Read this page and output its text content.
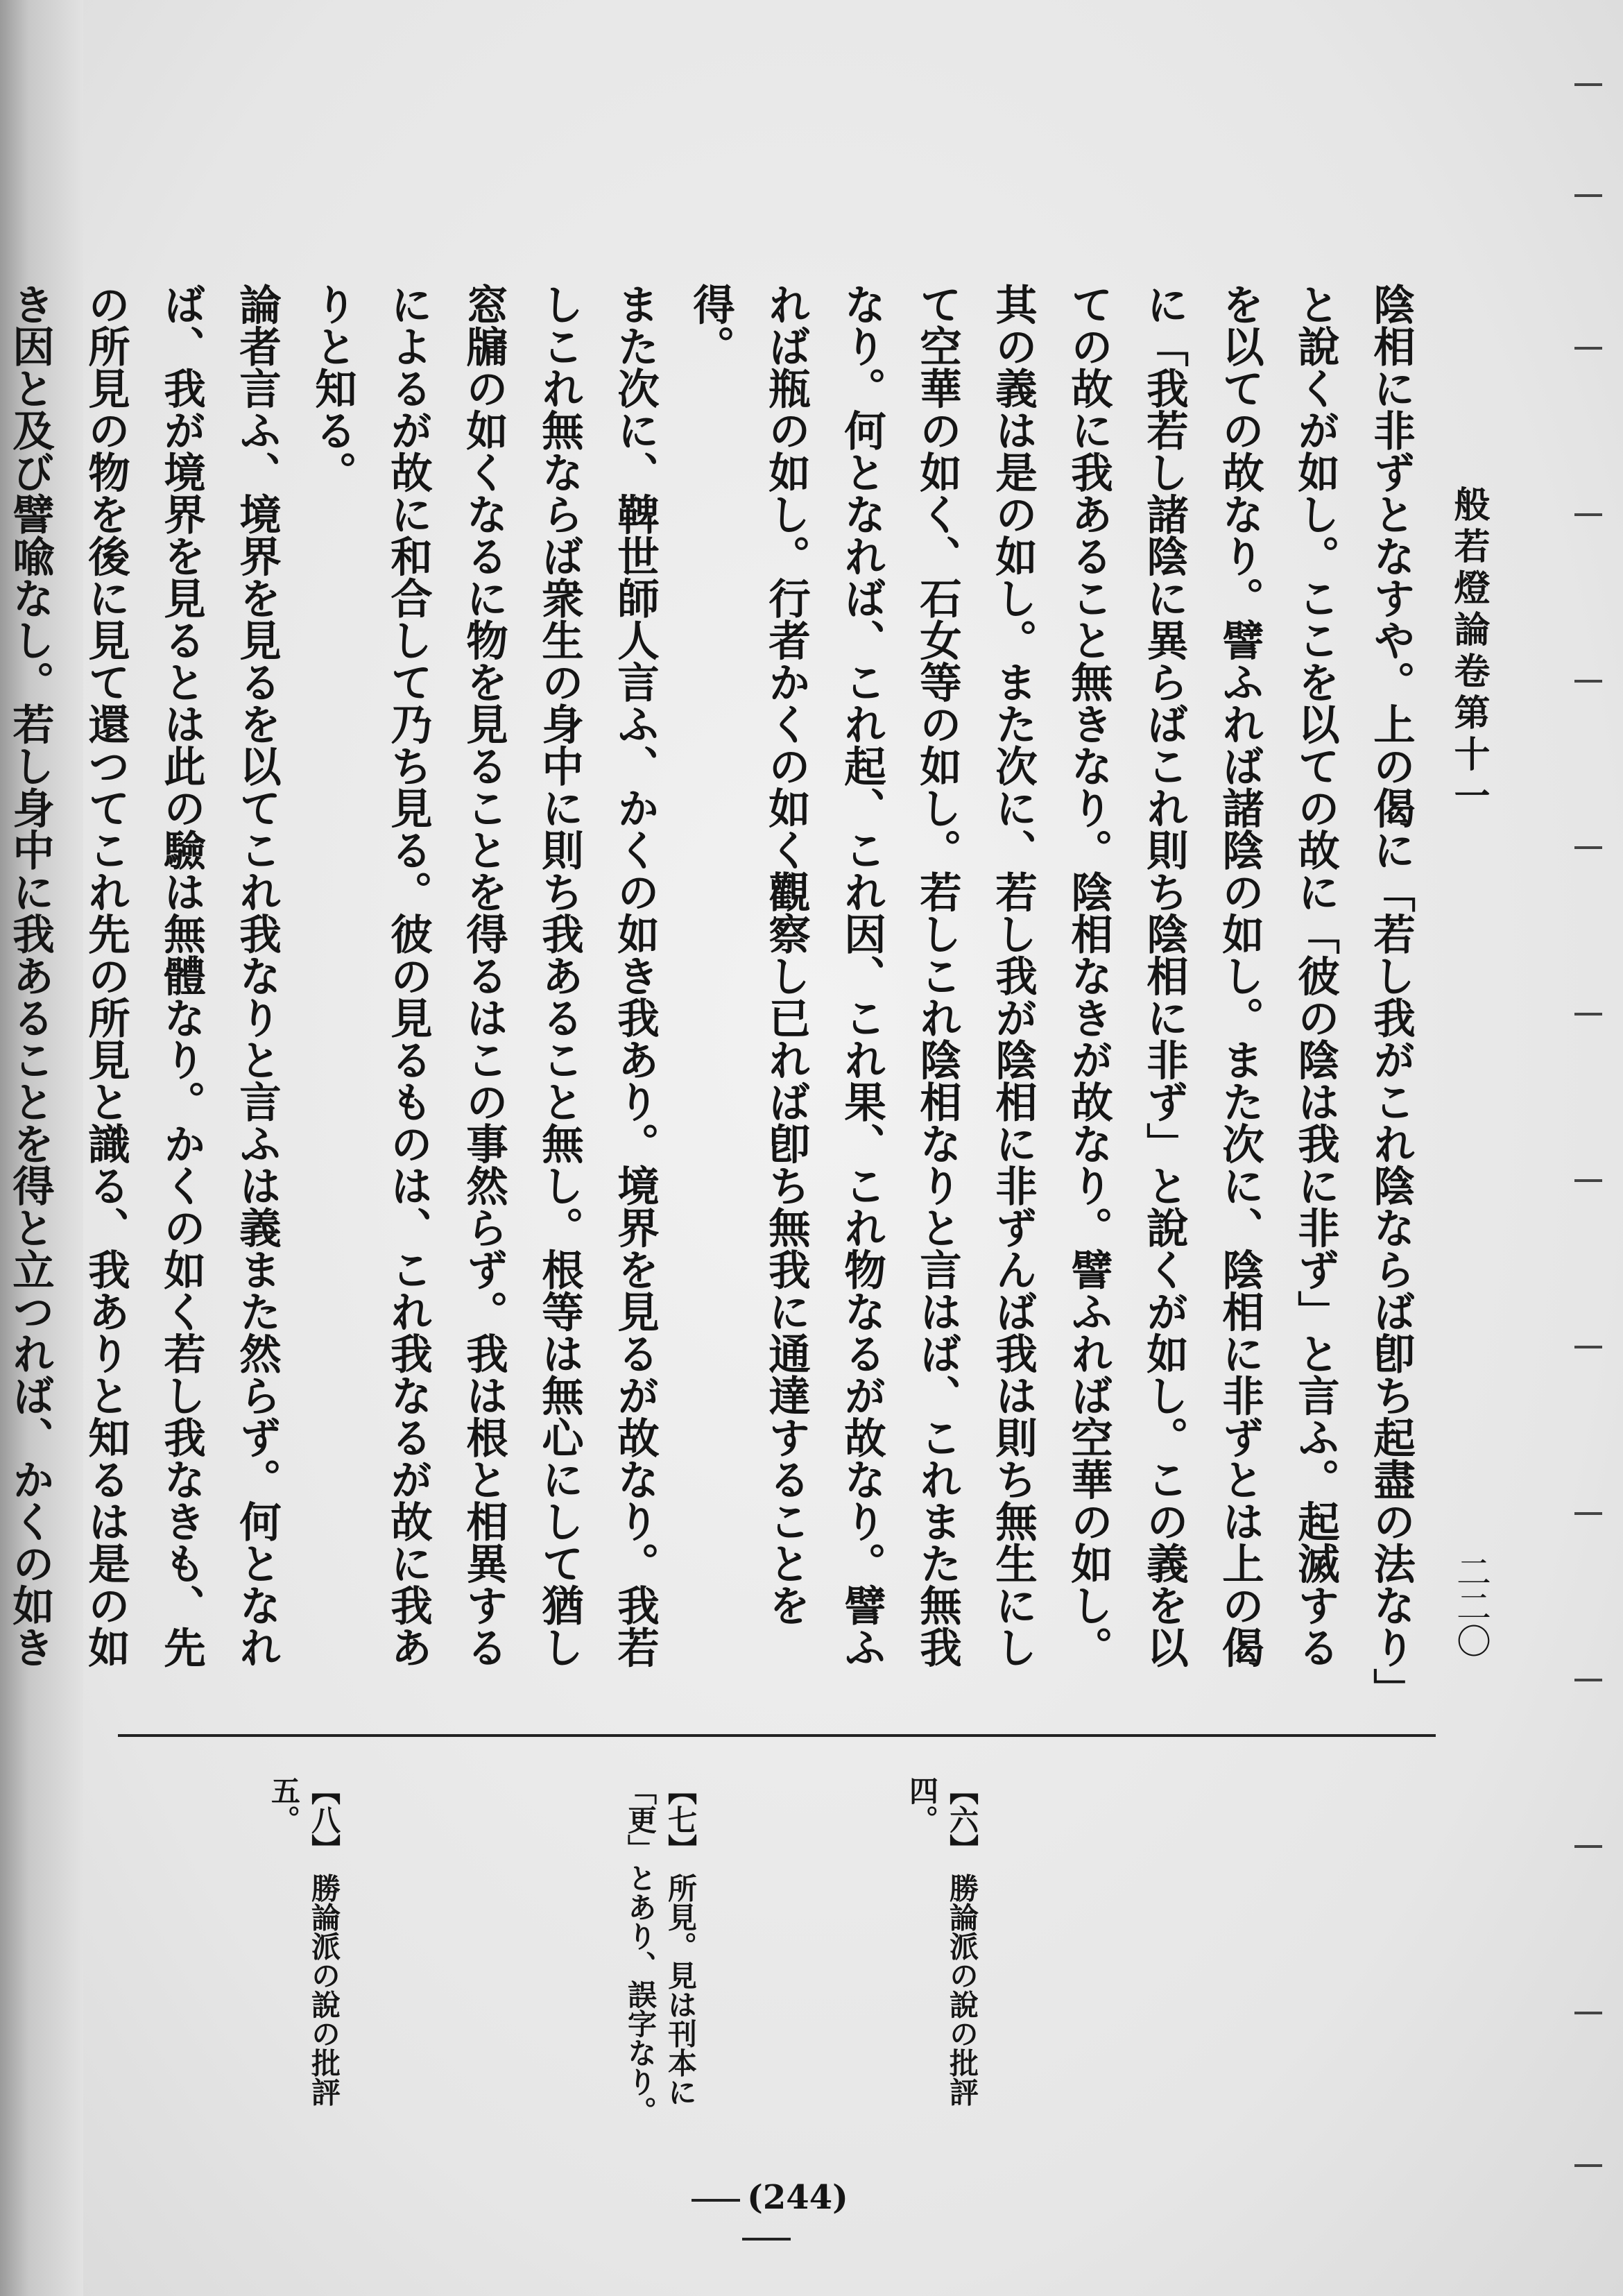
般若燈論卷第十一
二二〇

陰相に非ずとなすや。上の偈に「若し我がこれ陰ならば卽ち起盡の法なり」と說くが如し。ここを以ての故に「彼の陰は我に非ず」と言ふ。起滅するを以ての故なり。譬ふれば諸陰の如し。また次に、陰相に非ずとは上の偈に「我若し諸陰に異らばこれ則ち陰相に非ず」と說くが如し。この義を以ての故に我あること無きなり。陰相なきが故なり。譬ふれば空華の如し。其の義は是の如し。また次に、若し我が陰相に非ずんば我は則ち無生にして空華の如く、石女等の如し。若しこれ陰相なりと言はば、これまた無我なり。何となれば、これ起、これ因、これ果、これ物なるが故なり。譬ふれば瓶の如し。行者かくの如く觀察し已れば卽ち無我に通達することを得。

また次に、鞞世師人言ふ、かくの如き我あり。境界を見るが故なり。我若しこれ無ならば衆生の身中に則ち我あること無し。根等は無心にして猶し窓牖の如くなるに物を見ることを得るはこの事然らず。我は根と相異するによるが故に和合して乃ち見る。彼の見るものは、これ我なるが故に我ありと知る。

論者言ふ、境界を見るを以てこれ我なりと言ふは義また然らず。何となれば、我が境界を見るとは此の驗は無體なり。かくの如く若し我なきも、先の所見の物を後に見て還つてこれ先の所見と識る、我ありと知るは是の如き因と及び譬喩なし。若し身中に我あることを得と立つれば、かくの如き

【六】 勝論派の說の批評四。
【七】 所見。見は刊本に「更」とあり、誤字なり。
【八】 勝論派の說の批評五。
(244)
